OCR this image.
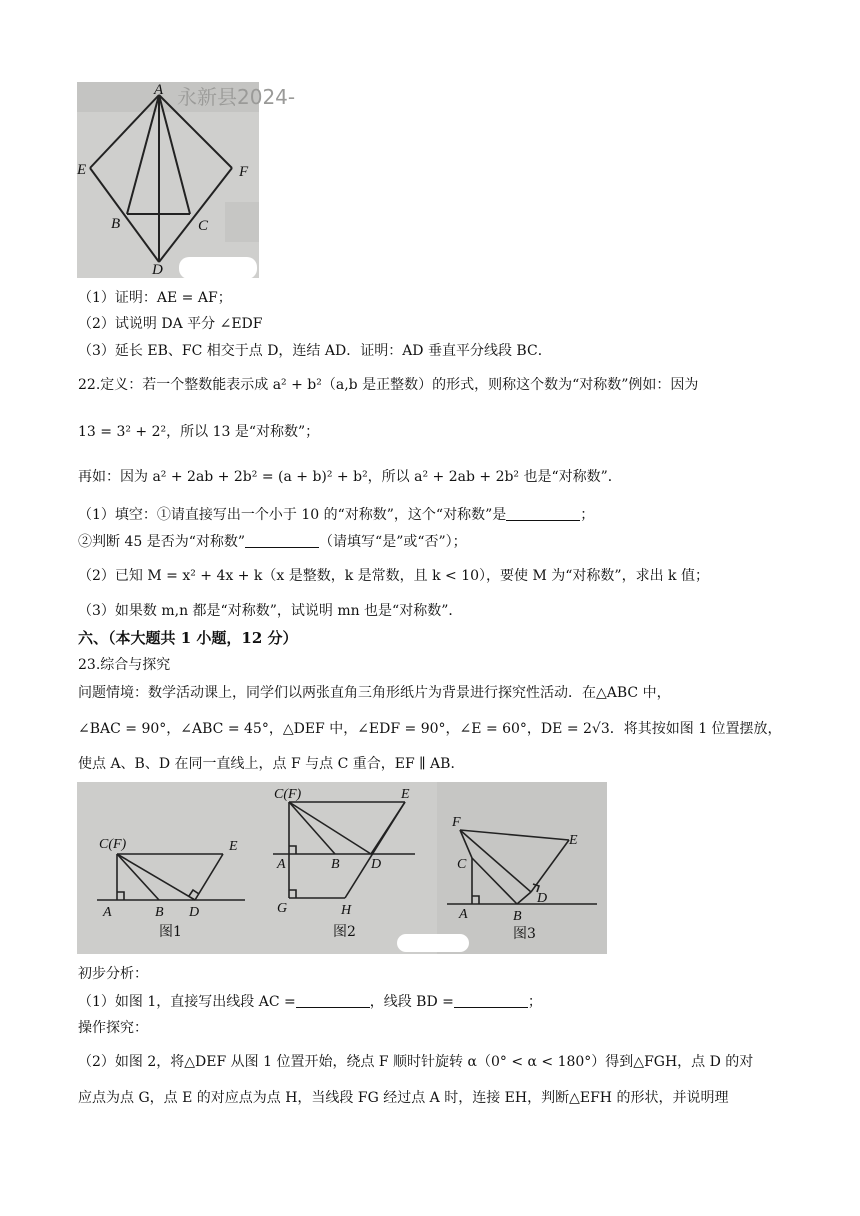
永新县2024-
A
E	F
B	C
D
（1）证明：AE = AF；
（2）试说明 DA 平分 ∠EDF
（3）延长 EB、FC 相交于点 D，连结 AD．证明：AD 垂直平分线段 BC．
22.定义：若一个整数能表示成 a² + b²（a,b 是正整数）的形式，则称这个数为“对称数”例如：因为
13 = 3² + 2²，所以 13 是“对称数”；
再如：因为 a² + 2ab + 2b² = (a + b)² + b²，所以 a² + 2ab + 2b² 也是“对称数”．
（1）填空：①请直接写出一个小于 10 的“对称数”，这个“对称数”是	；
②判断 45 是否为“对称数”	（请填写“是”或“否”）；
（2）已知 M = x² + 4x + k（x 是整数，k 是常数，且 k < 10），要使 M 为“对称数”，求出 k 值；
（3）如果数 m,n 都是“对称数”，试说明 mn 也是“对称数”．
六、（本大题共 1 小题，12 分）
23.综合与探究
问题情境：数学活动课上，同学们以两张直角三角形纸片为背景进行探究性活动．在△ABC 中，
∠BAC = 90°，∠ABC = 45°，△DEF 中，∠EDF = 90°，∠E = 60°，DE = 2√3．将其按如图 1 位置摆放，
使点 A、B、D 在同一直线上，点 F 与点 C 重合，EF ∥ AB．
C(F)	E
A	B D
图1
C(F)	E
A	B D
G	H
图2
F
E
C
D
A	B
图3
初步分析：
（1）如图 1，直接写出线段 AC =	，线段 BD =	；
操作探究：
（2）如图 2，将△DEF 从图 1 位置开始，绕点 F 顺时针旋转 α（0° < α < 180°）得到△FGH，点 D 的对
应点为点 G，点 E 的对应点为点 H，当线段 FG 经过点 A 时，连接 EH，判断△EFH 的形状，并说明理
